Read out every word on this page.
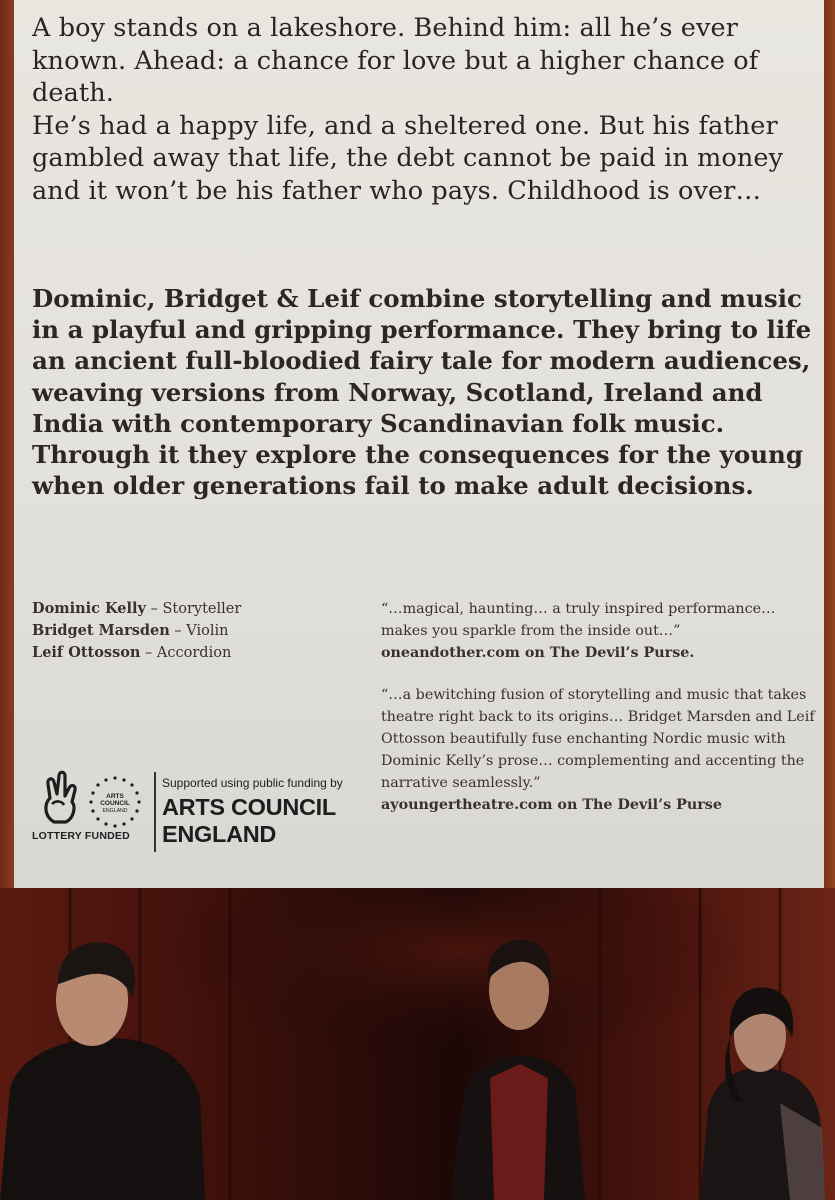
A boy stands on a lakeshore. Behind him: all he’s ever known. Ahead: a chance for love but a higher chance of death.

He’s had a happy life, and a sheltered one. But his father gambled away that life, the debt cannot be paid in money and it won’t be his father who pays. Childhood is over…

Dominic, Bridget & Leif combine storytelling and music in a playful and gripping performance. They bring to life an ancient full-bloodied fairy tale for modern audiences, weaving versions from Norway, Scotland, Ireland and India with contemporary Scandinavian folk music. Through it they explore the consequences for the young when older generations fail to make adult decisions.

Dominic Kelly – Storyteller
Bridget Marsden – Violin
Leif Ottosson – Accordion
“…magical, haunting… a truly inspired performance… makes you sparkle from the inside out…”
oneandother.com on The Devil’s Purse.
“…a bewitching fusion of storytelling and music that takes theatre right back to its origins… Bridget Marsden and Leif Ottosson beautifully fuse enchanting Nordic music with Dominic Kelly’s prose… complementing and accenting the narrative seamlessly.”
ayoungertheatre.com on The Devil’s Purse
ARTS
COUNCIL
ENGLAND
LOTTERY FUNDED
Supported using public funding by
ARTS COUNCIL
ENGLAND
